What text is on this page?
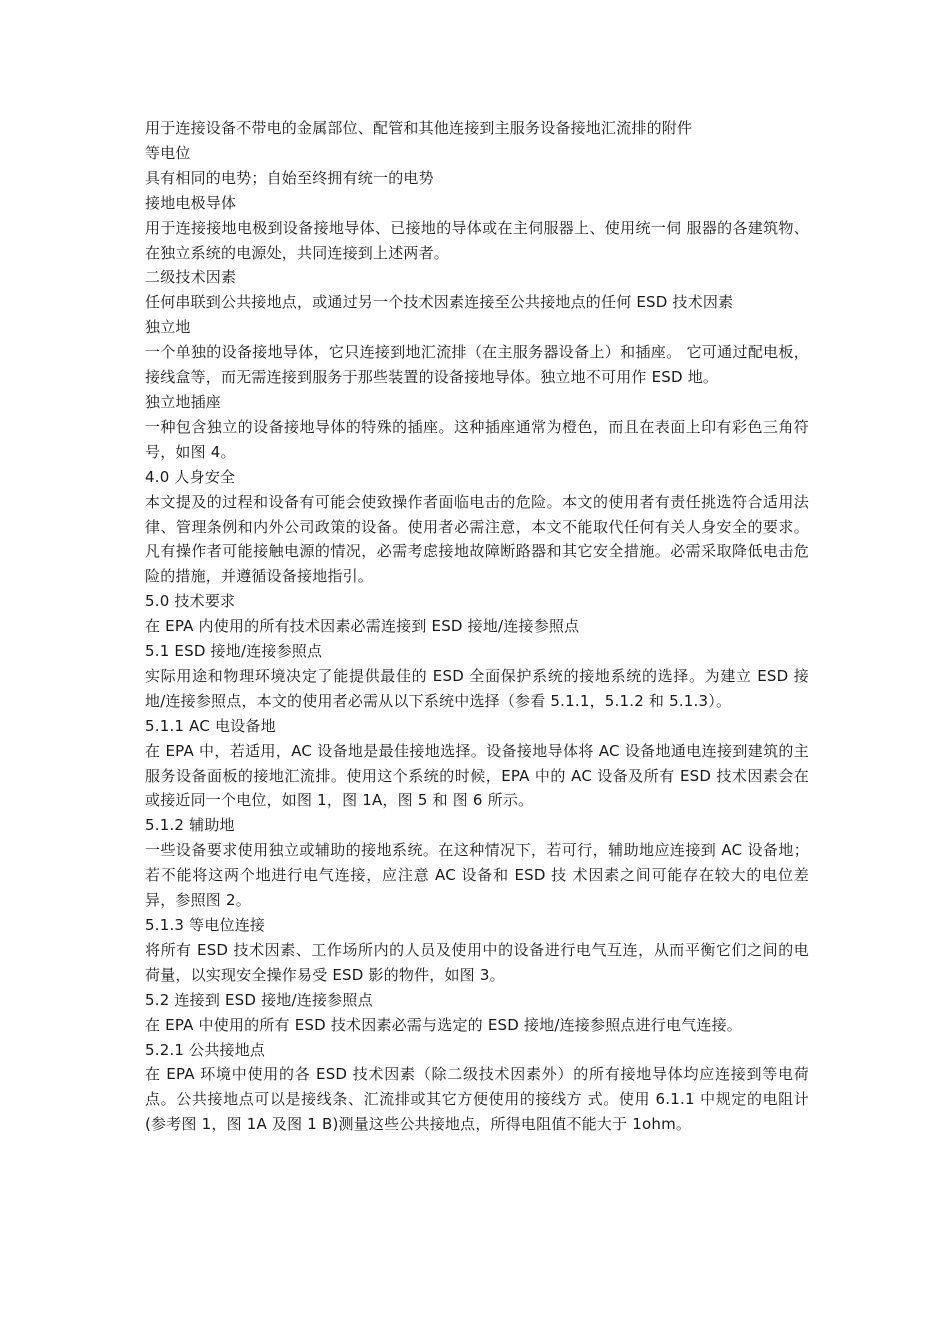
用于连接设备不带电的金属部位、配管和其他连接到主服务设备接地汇流排的附件

等电位

具有相同的电势；自始至终拥有统一的电势

接地电极导体

用于连接接地电极到设备接地导体、已接地的导体或在主伺服器上、使用统一伺 服器的各建筑物、在独立系统的电源处，共同连接到上述两者。

二级技术因素

任何串联到公共接地点，或通过另一个技术因素连接至公共接地点的任何 ESD 技术因素

独立地

一个单独的设备接地导体，它只连接到地汇流排（在主服务器设备上）和插座。 它可通过配电板，接线盒等，而无需连接到服务于那些装置的设备接地导体。独立地不可用作 ESD 地。

独立地插座

一种包含独立的设备接地导体的特殊的插座。这种插座通常为橙色，而且在表面上印有彩色三角符号，如图 4。

4.0 人身安全

本文提及的过程和设备有可能会使致操作者面临电击的危险。本文的使用者有责任挑选符合适用法律、管理条例和内外公司政策的设备。使用者必需注意，本文不能取代任何有关人身安全的要求。凡有操作者可能接触电源的情况，必需考虑接地故障断路器和其它安全措施。必需采取降低电击危险的措施，并遵循设备接地指引。

5.0 技术要求

在 EPA 内使用的所有技术因素必需连接到 ESD 接地/连接参照点

5.1 ESD 接地/连接参照点

实际用途和物理环境决定了能提供最佳的 ESD 全面保护系统的接地系统的选择。为建立 ESD 接地/连接参照点，本文的使用者必需从以下系统中选择（参看 5.1.1，5.1.2 和 5.1.3）。

5.1.1 AC 电设备地

在 EPA 中，若适用，AC 设备地是最佳接地选择。设备接地导体将 AC 设备地通电连接到建筑的主服务设备面板的接地汇流排。使用这个系统的时候，EPA 中的 AC 设备及所有 ESD 技术因素会在或接近同一个电位，如图 1，图 1A，图 5 和 图 6 所示。

5.1.2 辅助地

一些设备要求使用独立或辅助的接地系统。在这种情况下，若可行，辅助地应连接到 AC 设备地；若不能将这两个地进行电气连接，应注意 AC 设备和 ESD 技 术因素之间可能存在较大的电位差异，参照图 2。

5.1.3 等电位连接

将所有 ESD 技术因素、工作场所内的人员及使用中的设备进行电气互连，从而平衡它们之间的电荷量，以实现安全操作易受 ESD 影的物件，如图 3。

5.2 连接到 ESD 接地/连接参照点

在 EPA 中使用的所有 ESD 技术因素必需与选定的 ESD 接地/连接参照点进行电气连接。

5.2.1 公共接地点

在 EPA 环境中使用的各 ESD 技术因素（除二级技术因素外）的所有接地导体均应连接到等电荷点。公共接地点可以是接线条、汇流排或其它方便使用的接线方 式。使用 6.1.1 中规定的电阻计(参考图 1，图 1A 及图 1 B)测量这些公共接地点，所得电阻值不能大于 1ohm。
